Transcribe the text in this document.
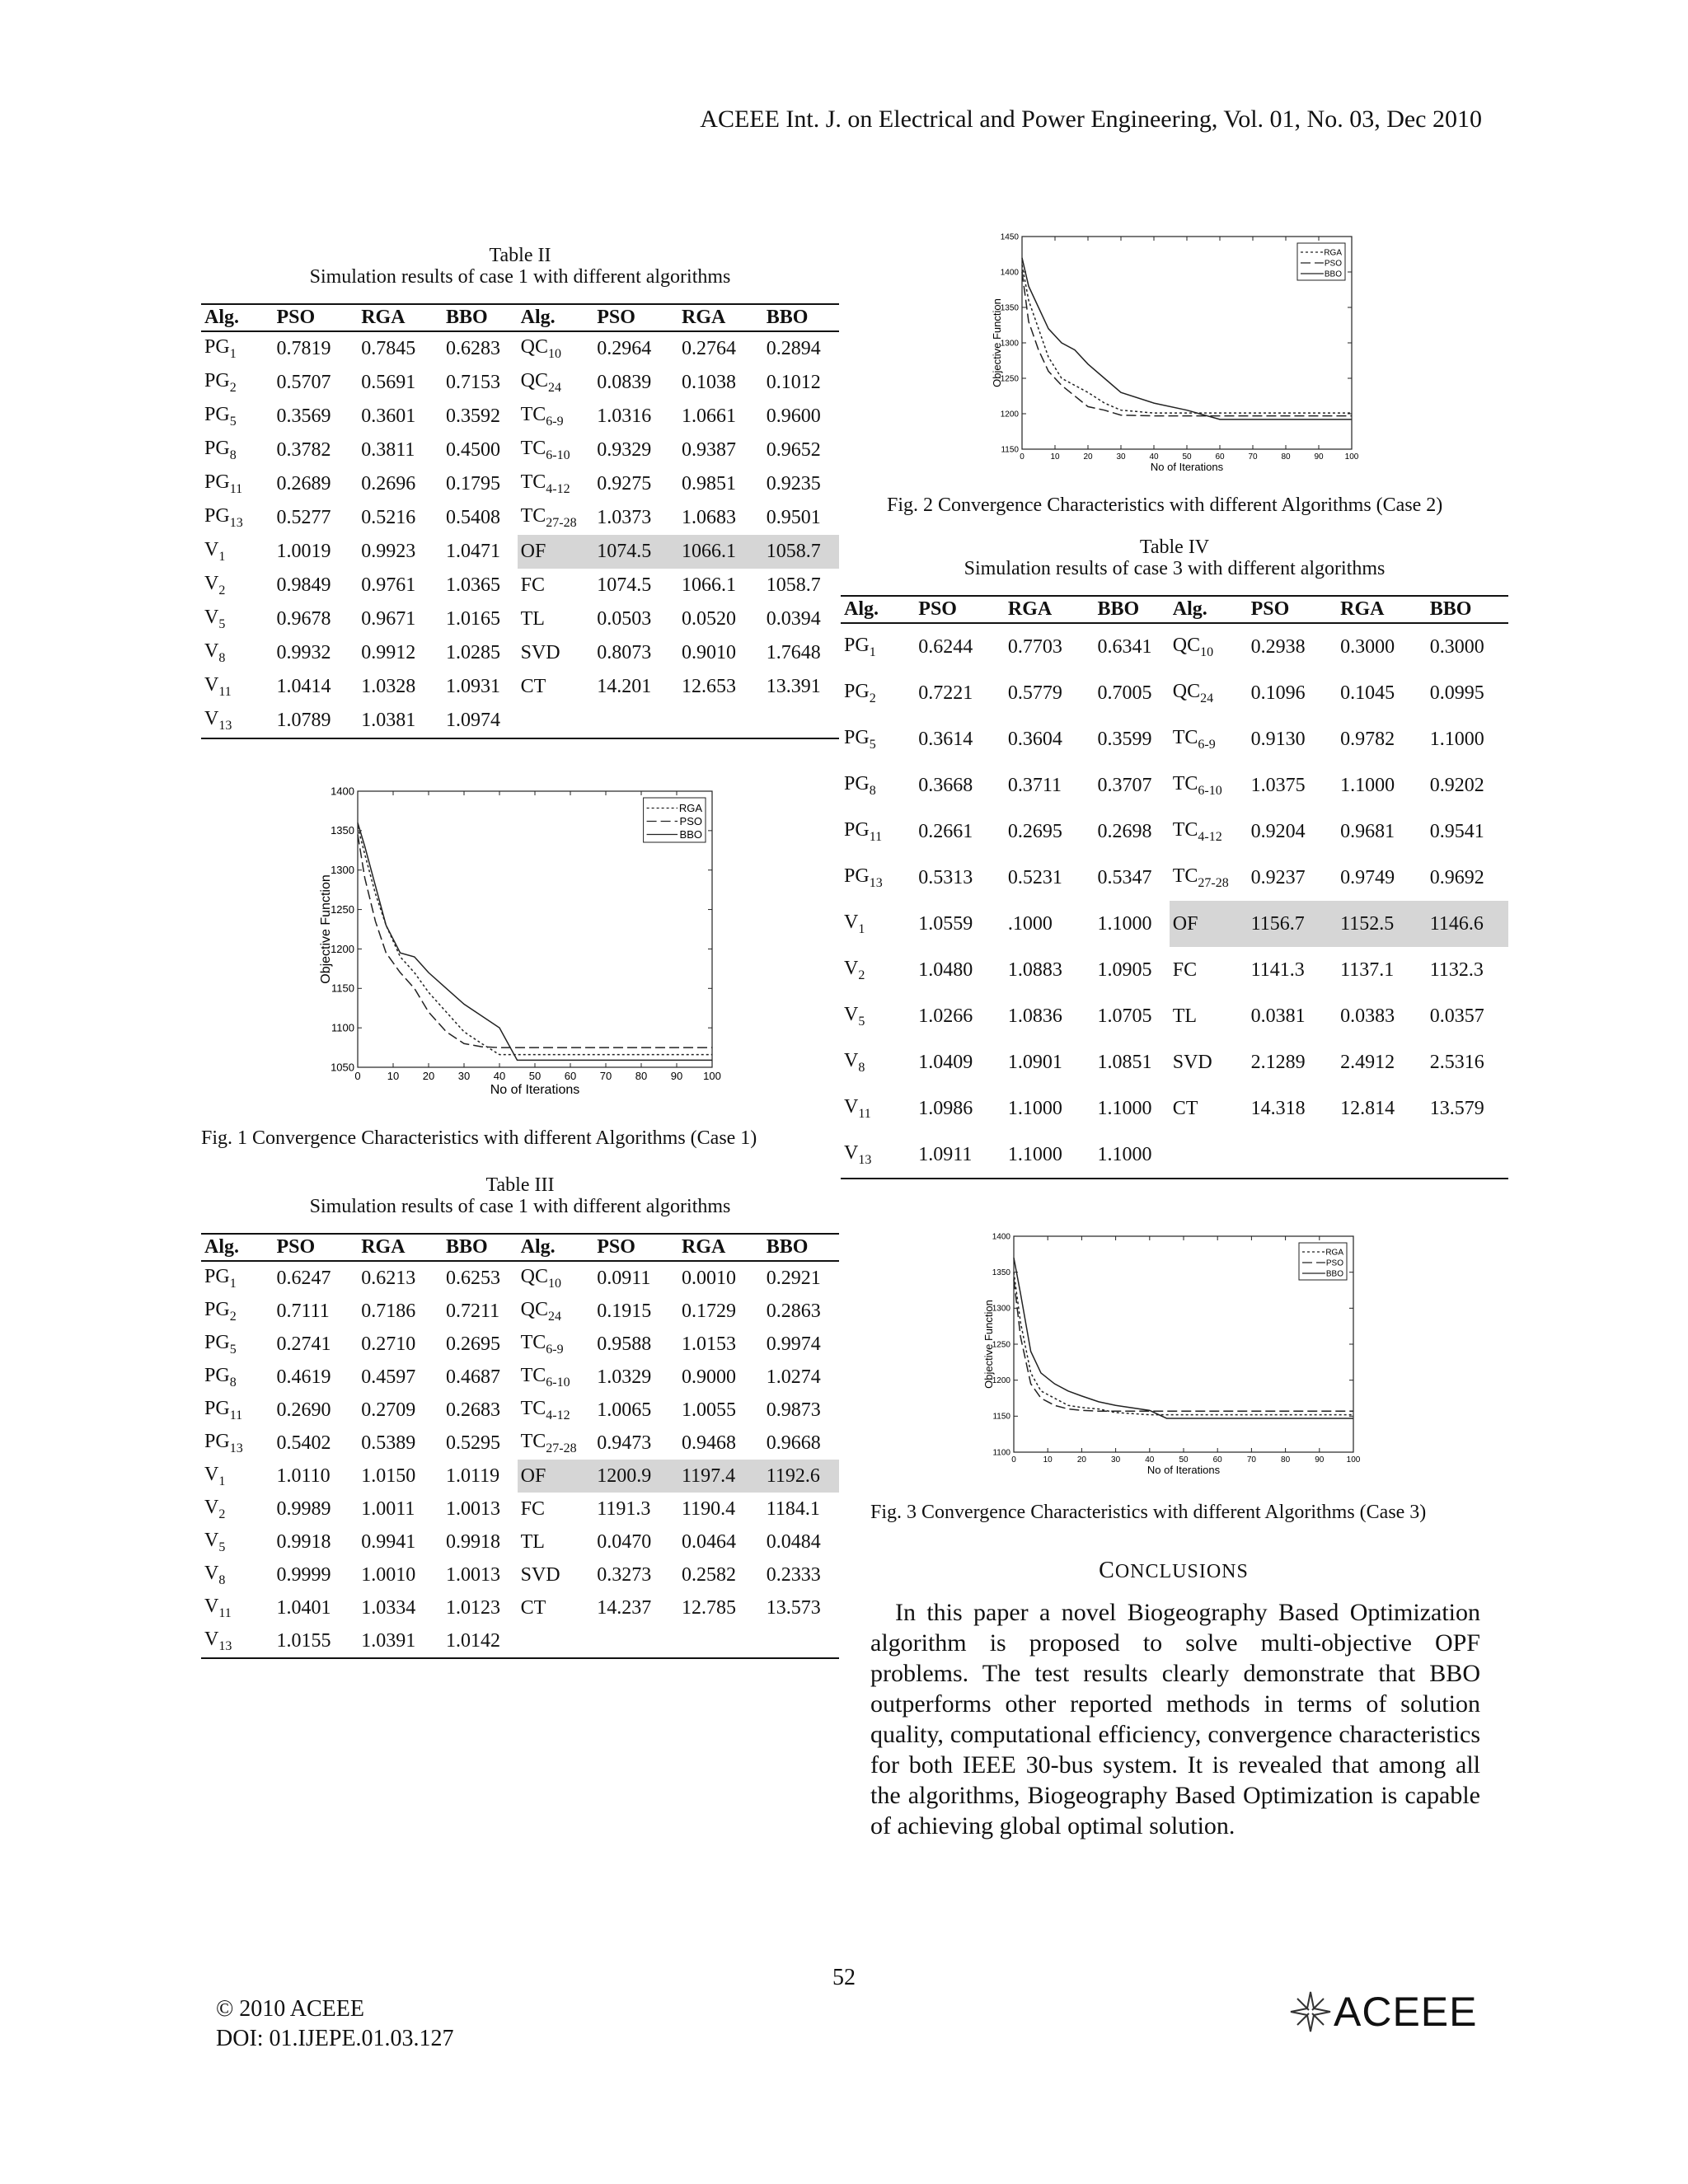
ACEEE Int. J. on Electrical and Power Engineering, Vol. 01, No. 03, Dec 2010
Table II
Simulation results of case 1 with different algorithms
Alg.	PSO	RGA	BBO	Alg.	PSO	RGA	BBO
$PG_1$	0.7819	0.7845	0.6283	$QC_{10}$	0.2964	0.2764	0.2894
$PG_2$	0.5707	0.5691	0.7153	$QC_{24}$	0.0839	0.1038	0.1012
$PG_5$	0.3569	0.3601	0.3592	$TC_{6-9}$	1.0316	1.0661	0.9600
$PG_8$	0.3782	0.3811	0.4500	$TC_{6-10}$	0.9329	0.9387	0.9652
$PG_{11}$	0.2689	0.2696	0.1795	$TC_{4-12}$	0.9275	0.9851	0.9235
$PG_{13}$	0.5277	0.5216	0.5408	$TC_{27-28}$	1.0373	1.0683	0.9501
$V_1$	1.0019	0.9923	1.0471	OF	1074.5	1066.1	1058.7
$V_2$	0.9849	0.9761	1.0365	FC	1074.5	1066.1	1058.7
$V_5$	0.9678	0.9671	1.0165	TL	0.0503	0.0520	0.0394
$V_8$	0.9932	0.9912	1.0285	SVD	0.8073	0.9010	1.7648
$V_{11}$	1.0414	1.0328	1.0931	CT	14.201	12.653	13.391
$V_{13}$	1.0789	1.0381	1.0974				
0 10 20 30 40 50 60 70 80 90 100
1050
1100
1150
1200
1250
1300
1350
1400
No of Iterations
Objective Function
RGA
PSO
BBO
Fig. 1 Convergence Characteristics with different Algorithms (Case 1)
Table III
Simulation results of case 1 with different algorithms
Alg.	PSO	RGA	BBO	Alg.	PSO	RGA	BBO
$PG_1$	0.6247	0.6213	0.6253	$QC_{10}$	0.0911	0.0010	0.2921
$PG_2$	0.7111	0.7186	0.7211	$QC_{24}$	0.1915	0.1729	0.2863
$PG_5$	0.2741	0.2710	0.2695	$TC_{6-9}$	0.9588	1.0153	0.9974
$PG_8$	0.4619	0.4597	0.4687	$TC_{6-10}$	1.0329	0.9000	1.0274
$PG_{11}$	0.2690	0.2709	0.2683	$TC_{4-12}$	1.0065	1.0055	0.9873
$PG_{13}$	0.5402	0.5389	0.5295	$TC_{27-28}$	0.9473	0.9468	0.9668
$V_1$	1.0110	1.0150	1.0119	OF	1200.9	1197.4	1192.6
$V_2$	0.9989	1.0011	1.0013	FC	1191.3	1190.4	1184.1
$V_5$	0.9918	0.9941	0.9918	TL	0.0470	0.0464	0.0484
$V_8$	0.9999	1.0010	1.0013	SVD	0.3273	0.2582	0.2333
$V_{11}$	1.0401	1.0334	1.0123	CT	14.237	12.785	13.573
$V_{13}$	1.0155	1.0391	1.0142				
0	10	20	30	40	50	60	70	80	90	100
1150
1200
1250
1300
1350
1400
1450
No of Iterations
Objective Function
RGA
PSO
BBO
Fig. 2 Convergence Characteristics with different Algorithms (Case 2)
Table IV
Simulation results of case 3 with different algorithms
Alg.	PSO	RGA	BBO	Alg.	PSO	RGA	BBO
$PG_1$	0.6244	0.7703	0.6341	$QC_{10}$	0.2938	0.3000	0.3000
$PG_2$	0.7221	0.5779	0.7005	$QC_{24}$	0.1096	0.1045	0.0995
$PG_5$	0.3614	0.3604	0.3599	$TC_{6-9}$	0.9130	0.9782	1.1000
$PG_8$	0.3668	0.3711	0.3707	$TC_{6-10}$	1.0375	1.1000	0.9202
$PG_{11}$	0.2661	0.2695	0.2698	$TC_{4-12}$	0.9204	0.9681	0.9541
$PG_{13}$	0.5313	0.5231	0.5347	$TC_{27-28}$	0.9237	0.9749	0.9692
$V_1$	1.0559	.1000	1.1000	OF	1156.7	1152.5	1146.6
$V_2$	1.0480	1.0883	1.0905	FC	1141.3	1137.1	1132.3
$V_5$	1.0266	1.0836	1.0705	TL	0.0381	0.0383	0.0357
$V_8$	1.0409	1.0901	1.0851	SVD	2.1289	2.4912	2.5316
$V_{11}$	1.0986	1.1000	1.1000	CT	14.318	12.814	13.579
$V_{13}$	1.0911	1.1000	1.1000				
0	10	20	30	40	50	60	70	80	90	100
1100
1150
1200
1250
1300
1350
1400
No of Iterations
Objective Function
RGA
PSO
BBO
Fig. 3 Convergence Characteristics with different Algorithms (Case 3)
CONCLUSIONS
In this paper a novel Biogeography Based Optimization algorithm is proposed to solve multi-objective OPF problems. The test results clearly demonstrate that BBO outperforms other reported methods in terms of solution quality, computational efficiency, convergence characteristics for both IEEE 30-bus system. It is revealed that among all the algorithms, Biogeography Based Optimization is capable of achieving global optimal solution.
52
© 2010 ACEEE
DOI: 01.IJEPE.01.03.127
ACEEE
